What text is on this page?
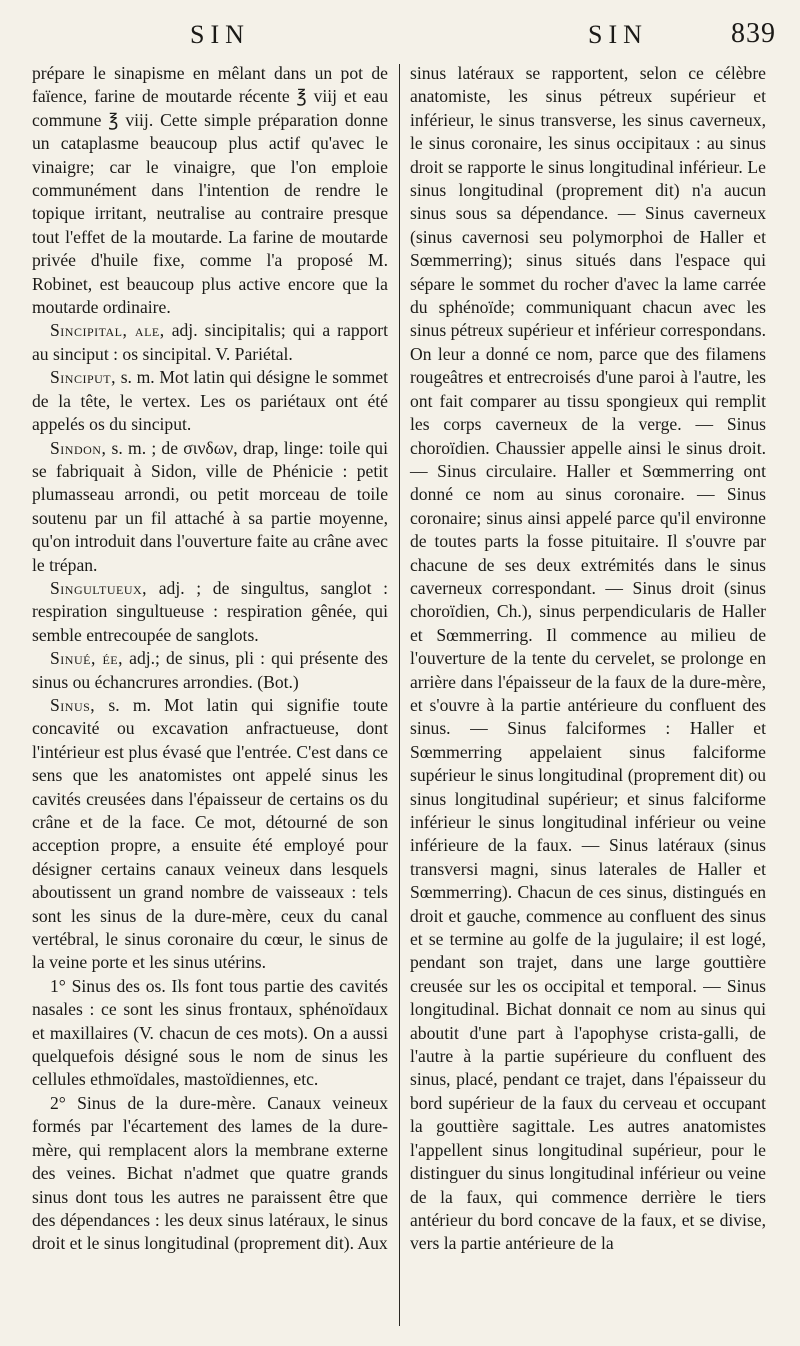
SIN	SIN	839

prépare le sinapisme en mêlant dans un pot de faïence, farine de moutarde récente ℥ viij et eau commune ℥ viij. Cette simple préparation donne un cataplasme beaucoup plus actif qu'avec le vinaigre; car le vinaigre, que l'on emploie communément dans l'intention de rendre le topique irritant, neutralise au contraire presque tout l'effet de la moutarde. La farine de moutarde privée d'huile fixe, comme l'a proposé M. Robinet, est beaucoup plus active encore que la moutarde ordinaire.

Sincipital, ale, adj. sincipitalis; qui a rapport au sinciput : os sincipital. V. Pariétal.

Sinciput, s. m. Mot latin qui désigne le sommet de la tête, le vertex. Les os pariétaux ont été appelés os du sinciput.

Sindon, s. m. ; de σινδων, drap, linge: toile qui se fabriquait à Sidon, ville de Phénicie : petit plumasseau arrondi, ou petit morceau de toile soutenu par un fil attaché à sa partie moyenne, qu'on introduit dans l'ouverture faite au crâne avec le trépan.

Singultueux, adj. ; de singultus, sanglot : respiration singultueuse : respiration gênée, qui semble entrecoupée de sanglots.

Sinué, ée, adj.; de sinus, pli : qui présente des sinus ou échancrures arrondies. (Bot.)

Sinus, s. m. Mot latin qui signifie toute concavité ou excavation anfractueuse, dont l'intérieur est plus évasé que l'entrée. C'est dans ce sens que les anatomistes ont appelé sinus les cavités creusées dans l'épaisseur de certains os du crâne et de la face. Ce mot, détourné de son acception propre, a ensuite été employé pour désigner certains canaux veineux dans lesquels aboutissent un grand nombre de vaisseaux : tels sont les sinus de la dure-mère, ceux du canal vertébral, le sinus coronaire du cœur, le sinus de la veine porte et les sinus utérins.

1° Sinus des os. Ils font tous partie des cavités nasales : ce sont les sinus frontaux, sphénoïdaux et maxillaires (V. chacun de ces mots). On a aussi quelquefois désigné sous le nom de sinus les cellules ethmoïdales, mastoïdiennes, etc.

2° Sinus de la dure-mère. Canaux veineux formés par l'écartement des lames de la dure-mère, qui remplacent alors la membrane externe des veines. Bichat n'admet que quatre grands sinus dont tous les autres ne paraissent être que des dépendances : les deux sinus latéraux, le sinus droit et le sinus longitudinal (proprement dit). Aux

sinus latéraux se rapportent, selon ce célèbre anatomiste, les sinus pétreux supérieur et inférieur, le sinus transverse, les sinus caverneux, le sinus coronaire, les sinus occipitaux : au sinus droit se rapporte le sinus longitudinal inférieur. Le sinus longitudinal (proprement dit) n'a aucun sinus sous sa dépendance. — Sinus caverneux (sinus cavernosi seu polymorphoi de Haller et Sœmmerring); sinus situés dans l'espace qui sépare le sommet du rocher d'avec la lame carrée du sphénoïde; communiquant chacun avec les sinus pétreux supérieur et inférieur correspondans. On leur a donné ce nom, parce que des filamens rougeâtres et entrecroisés d'une paroi à l'autre, les ont fait comparer au tissu spongieux qui remplit les corps caverneux de la verge. — Sinus choroïdien. Chaussier appelle ainsi le sinus droit. — Sinus circulaire. Haller et Sœmmerring ont donné ce nom au sinus coronaire. — Sinus coronaire; sinus ainsi appelé parce qu'il environne de toutes parts la fosse pituitaire. Il s'ouvre par chacune de ses deux extrémités dans le sinus caverneux correspondant. — Sinus droit (sinus choroïdien, Ch.), sinus perpendicularis de Haller et Sœmmerring. Il commence au milieu de l'ouverture de la tente du cervelet, se prolonge en arrière dans l'épaisseur de la faux de la dure-mère, et s'ouvre à la partie antérieure du confluent des sinus. — Sinus falciformes : Haller et Sœmmerring appelaient sinus falciforme supérieur le sinus longitudinal (proprement dit) ou sinus longitudinal supérieur; et sinus falciforme inférieur le sinus longitudinal inférieur ou veine inférieure de la faux. — Sinus latéraux (sinus transversi magni, sinus laterales de Haller et Sœmmerring). Chacun de ces sinus, distingués en droit et gauche, commence au confluent des sinus et se termine au golfe de la jugulaire; il est logé, pendant son trajet, dans une large gouttière creusée sur les os occipital et temporal. — Sinus longitudinal. Bichat donnait ce nom au sinus qui aboutit d'une part à l'apophyse crista-galli, de l'autre à la partie supérieure du confluent des sinus, placé, pendant ce trajet, dans l'épaisseur du bord supérieur de la faux du cerveau et occupant la gouttière sagittale. Les autres anatomistes l'appellent sinus longitudinal supérieur, pour le distinguer du sinus longitudinal inférieur ou veine de la faux, qui commence derrière le tiers antérieur du bord concave de la faux, et se divise, vers la partie antérieure de la
